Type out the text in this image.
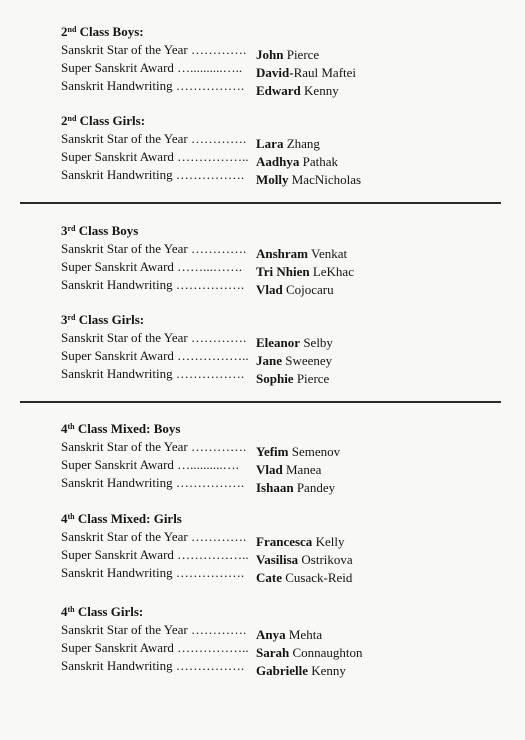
2nd Class Boys:
Sanskrit Star of the Year …………. John Pierce
Super Sanskrit Award …..........….. David-Raul Maftei
Sanskrit Handwriting ……………. Edward Kenny
2nd Class Girls:
Sanskrit Star of the Year …………. Lara Zhang
Super Sanskrit Award …………….. Aadhya Pathak
Sanskrit Handwriting ……………. Molly MacNicholas
3rd Class Boys
Sanskrit Star of the Year …………. Anshram Venkat
Super Sanskrit Award ……...……. Tri Nhien LeKhac
Sanskrit Handwriting ……………. Vlad Cojocaru
3rd Class Girls:
Sanskrit Star of the Year …………. Eleanor Selby
Super Sanskrit Award …………….. Jane Sweeney
Sanskrit Handwriting ……………. Sophie Pierce
4th Class Mixed: Boys
Sanskrit Star of the Year …………. Yefim Semenov
Super Sanskrit Award …..........…. Vlad Manea
Sanskrit Handwriting ……………. Ishaan Pandey
4th Class Mixed: Girls
Sanskrit Star of the Year …………. Francesca Kelly
Super Sanskrit Award …………….. Vasilisa Ostrikova
Sanskrit Handwriting ……………. Cate Cusack-Reid
4th Class Girls:
Sanskrit Star of the Year …………. Anya Mehta
Super Sanskrit Award …………….. Sarah Connaughton
Sanskrit Handwriting ……………. Gabrielle Kenny
